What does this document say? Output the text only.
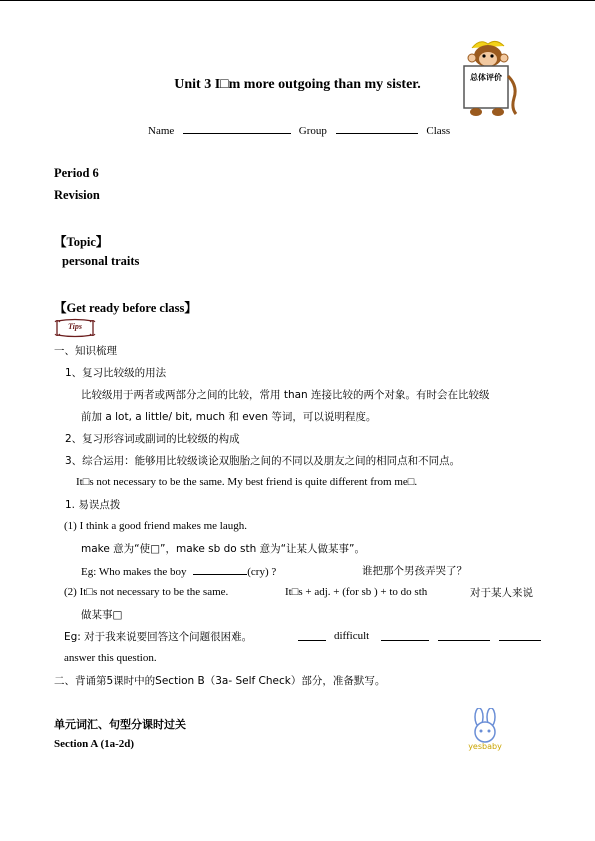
Unit 3 I□m more outgoing than my sister.	总体评价
Name	Group	Class
Period 6
Revision
【Topic】
personal traits
【Get ready before class】
Tips
一、知识梳理
1、复习比较级的用法
比较级用于两者或两部分之间的比较，常用 than 连接比较的两个对象。有时会在比较级
前加 a lot, a little/ bit, much 和 even 等词，可以说明程度。
2、复习形容词或副词的比较级的构成
3、综合运用：能够用比较级谈论双胞胎之间的不同以及朋友之间的相同点和不同点。
It□s not necessary to be the same. My best friend is quite different from me□.
1. 易误点拨
(1) I think a good friend makes me laugh.
make 意为“使□”，make sb do sth 意为“让某人做某事”。
Eg: Who makes the boy	(cry) ?	谁把那个男孩弄哭了？
(2) It□s not necessary to be the same.	It□s + adj. + (for sb ) + to do sth	对于某人来说
做某事□
Eg: 对于我来说要回答这个问题很困难。	difficult
answer this question.
二、背诵第5课时中的Section B（3a- Self Check）部分，准备默写。
单元词汇、句型分课时过关
Section A (1a-2d)	yesbaby
